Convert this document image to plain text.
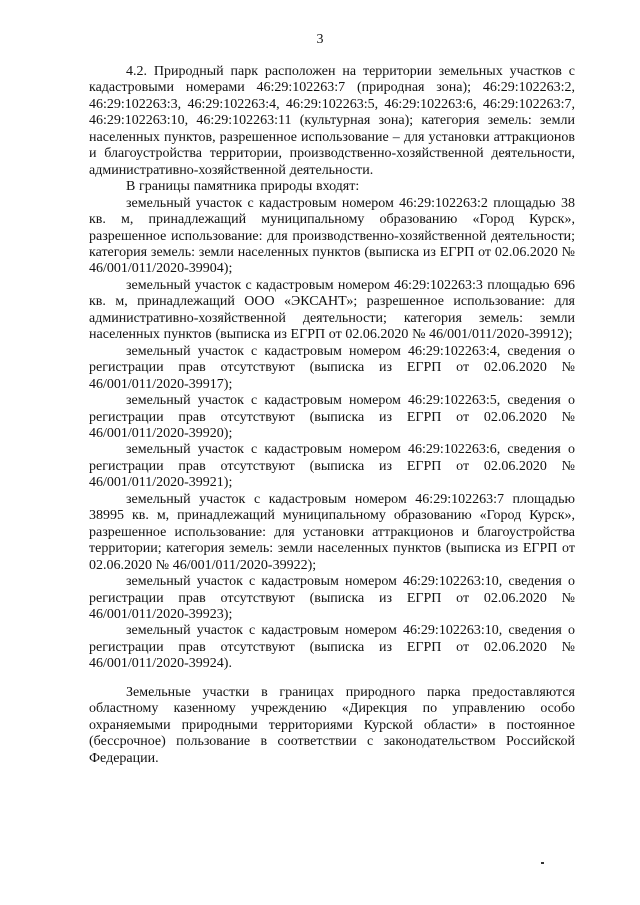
3

4.2. Природный парк расположен на территории земельных участков с кадастровыми номерами 46:29:102263:7 (природная зона); 46:29:102263:2, 46:29:102263:3, 46:29:102263:4, 46:29:102263:5, 46:29:102263:6, 46:29:102263:7, 46:29:102263:10, 46:29:102263:11 (культурная зона); категория земель: земли населенных пунктов, разрешенное использование – для установки аттракционов и благоустройства территории, производственно-хозяйственной деятельности, административно-хозяйственной деятельности.

В границы памятника природы входят:

земельный участок с кадастровым номером 46:29:102263:2 площадью 38 кв. м, принадлежащий муниципальному образованию «Город Курск», разрешенное использование: для производственно-хозяйственной деятельности; категория земель: земли населенных пунктов (выписка из ЕГРП от 02.06.2020 № 46/001/011/2020-39904);

земельный участок с кадастровым номером 46:29:102263:3 площадью 696 кв. м, принадлежащий ООО «ЭКСАНТ»; разрешенное использование: для административно-хозяйственной деятельности; категория земель: земли населенных пунктов (выписка из ЕГРП от 02.06.2020 № 46/001/011/2020-39912);

земельный участок с кадастровым номером 46:29:102263:4, сведения о регистрации прав отсутствуют (выписка из ЕГРП от 02.06.2020 № 46/001/011/2020-39917);

земельный участок с кадастровым номером 46:29:102263:5, сведения о регистрации прав отсутствуют (выписка из ЕГРП от 02.06.2020 № 46/001/011/2020-39920);

земельный участок с кадастровым номером 46:29:102263:6, сведения о регистрации прав отсутствуют (выписка из ЕГРП от 02.06.2020 № 46/001/011/2020-39921);

земельный участок с кадастровым номером 46:29:102263:7 площадью 38995 кв. м, принадлежащий муниципальному образованию «Город Курск», разрешенное использование: для установки аттракционов и благоустройства территории; категория земель: земли населенных пунктов (выписка из ЕГРП от 02.06.2020 № 46/001/011/2020-39922);

земельный участок с кадастровым номером 46:29:102263:10, сведения о регистрации прав отсутствуют (выписка из ЕГРП от 02.06.2020 № 46/001/011/2020-39923);

земельный участок с кадастровым номером 46:29:102263:10, сведения о регистрации прав отсутствуют (выписка из ЕГРП от 02.06.2020 № 46/001/011/2020-39924).

Земельные участки в границах природного парка предоставляются областному казенному учреждению «Дирекция по управлению особо охраняемыми природными территориями Курской области» в постоянное (бессрочное) пользование в соответствии с законодательством Российской Федерации.
